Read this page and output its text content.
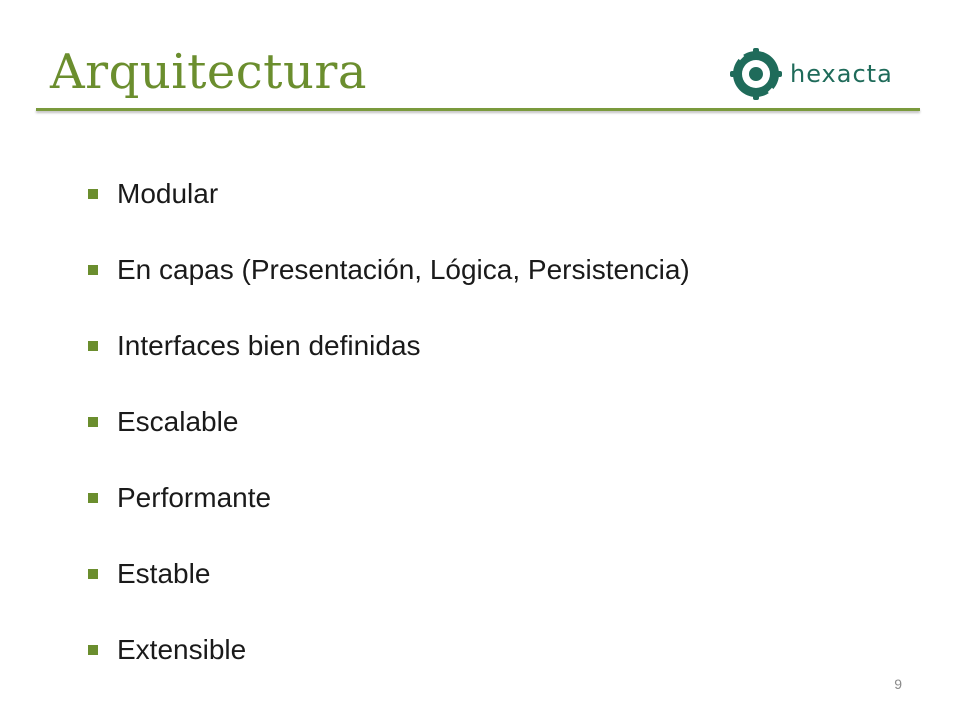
Arquitectura	hexacta
Modular
En capas (Presentación, Lógica, Persistencia)
Interfaces bien definidas
Escalable
Performante
Estable
Extensible
9
